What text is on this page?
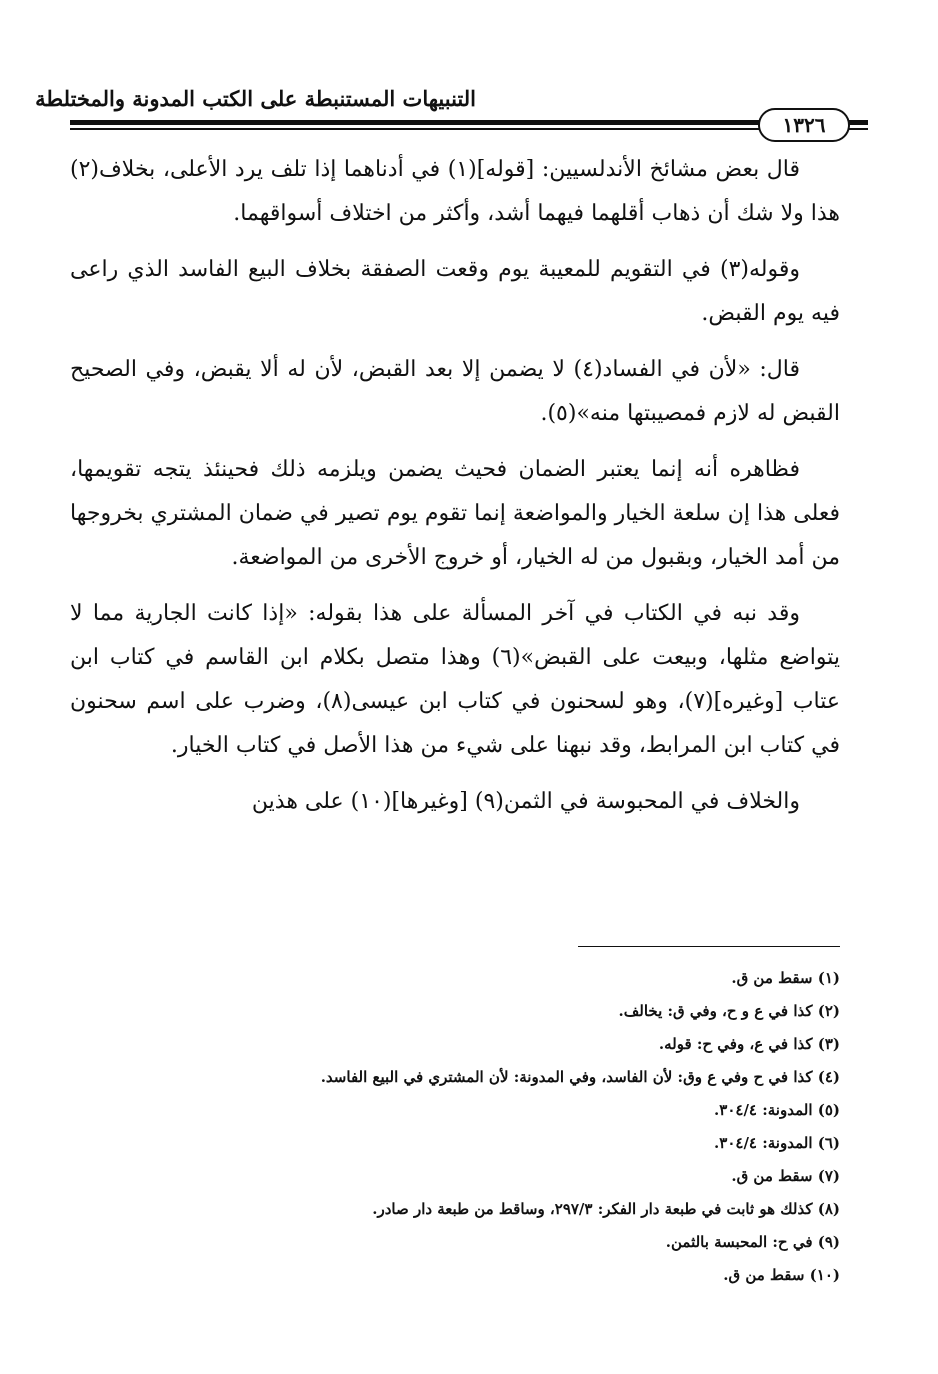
التنبيهات المستنبطة على الكتب المدونة والمختلطة
١٣٢٦

قال بعض مشائخ الأندلسيين: [قوله](١) في أدناهما إذا تلف يرد الأعلى، بخلاف(٢) هذا ولا شك أن ذهاب أقلهما فيهما أشد، وأكثر من اختلاف أسواقهما.

وقوله(٣) في التقويم للمعيبة يوم وقعت الصفقة بخلاف البيع الفاسد الذي راعى فيه يوم القبض.

قال: «لأن في الفساد(٤) لا يضمن إلا بعد القبض، لأن له ألا يقبض، وفي الصحيح القبض له لازم فمصيبتها منه»(٥).

فظاهره أنه إنما يعتبر الضمان فحيث يضمن ويلزمه ذلك فحينئذ يتجه تقويمها، فعلى هذا إن سلعة الخيار والمواضعة إنما تقوم يوم تصير في ضمان المشتري بخروجها من أمد الخيار، وبقبول من له الخيار، أو خروج الأخرى من المواضعة.

وقد نبه في الكتاب في آخر المسألة على هذا بقوله: «إذا كانت الجارية مما لا يتواضع مثلها، وبيعت على القبض»(٦) وهذا متصل بكلام ابن القاسم في كتاب ابن عتاب [وغيره](٧)، وهو لسحنون في كتاب ابن عيسى(٨)، وضرب على اسم سحنون في كتاب ابن المرابط، وقد نبهنا على شيء من هذا الأصل في كتاب الخيار.

والخلاف في المحبوسة في الثمن(٩) [وغيرها](١٠) على هذين

(١) سقط من ق.
(٢) كذا في ع و ح، وفي ق: يخالف.
(٣) كذا في ع، وفي ح: قوله.
(٤) كذا في ح وفي ع وق: لأن الفاسد، وفي المدونة: لأن المشتري في البيع الفاسد.
(٥) المدونة: ٣٠٤/٤.
(٦) المدونة: ٣٠٤/٤.
(٧) سقط من ق.
(٨) كذلك هو ثابت في طبعة دار الفكر: ٢٩٧/٣، وساقط من طبعة دار صادر.
(٩) في ح: المحبسة بالثمن.
(١٠) سقط من ق.
